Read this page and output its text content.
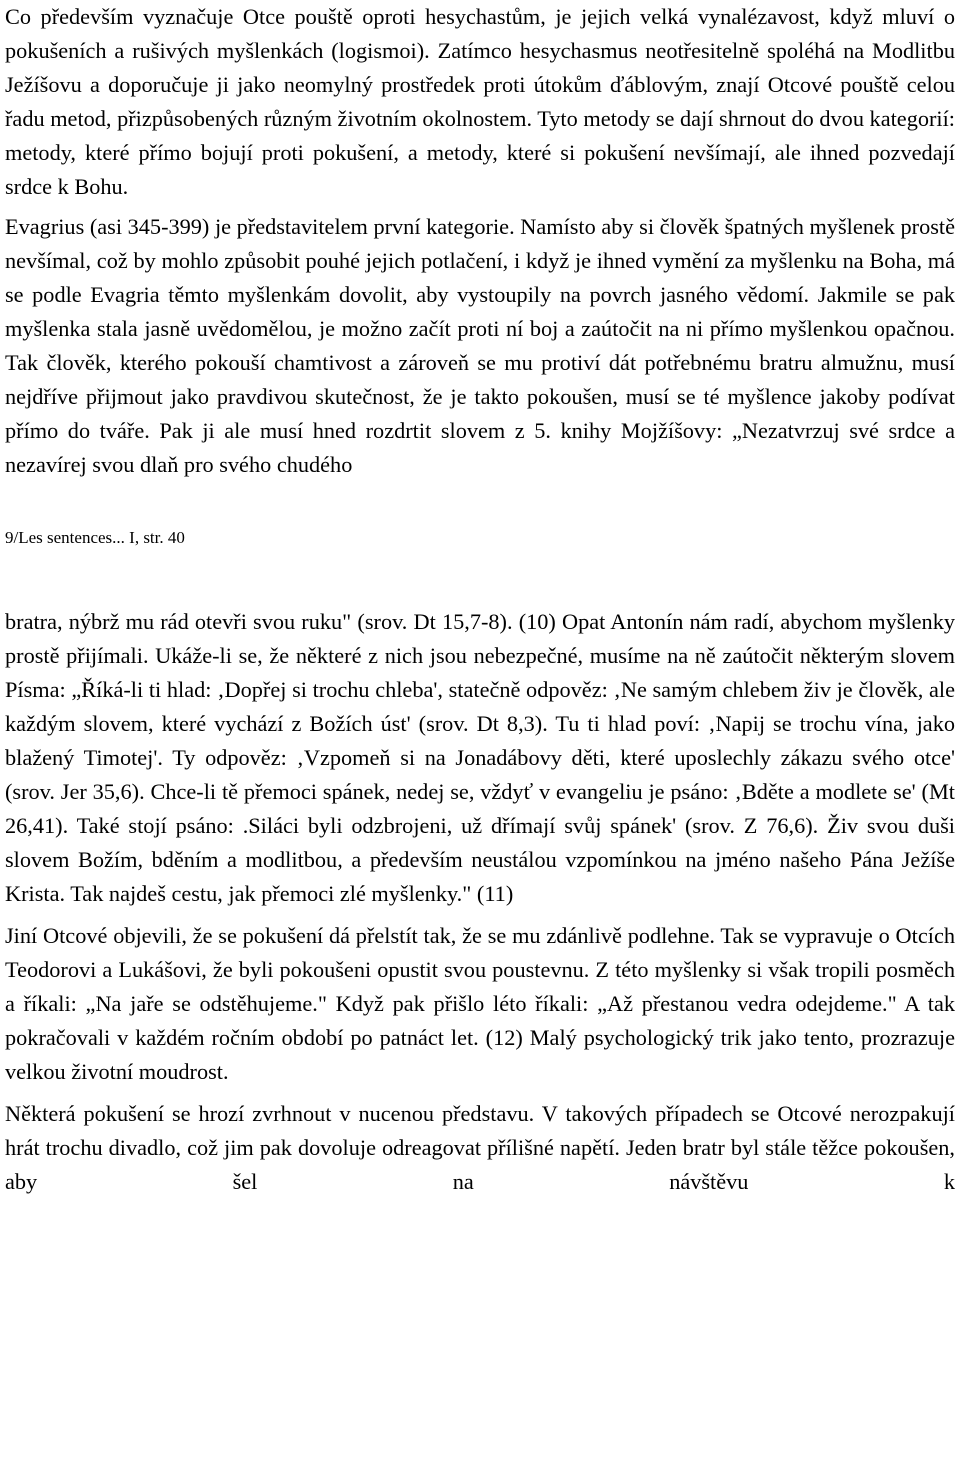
Co především vyznačuje Otce pouště oproti hesychastům, je jejich velká vynalézavost, když mluví o pokušeních a rušivých myšlenkách (logismoi). Zatímco hesychasmus neotřesitelně spoléhá na Modlitbu Ježíšovu a doporučuje ji jako neomylný prostředek proti útokům ďáblovým, znají Otcové pouště celou řadu metod, přizpůsobených různým životním okolnostem. Tyto metody se dají shrnout do dvou kategorií: metody, které přímo bojují proti pokušení, a metody, které si pokušení nevšímají, ale ihned pozvedají srdce k Bohu.

Evagrius (asi 345-399) je představitelem první kategorie. Namísto aby si člověk špatných myšlenek prostě nevšímal, což by mohlo způsobit pouhé jejich potlačení, i když je ihned vymění za myšlenku na Boha, má se podle Evagria těmto myšlenkám dovolit, aby vystoupily na povrch jasného vědomí. Jakmile se pak myšlenka stala jasně uvědomělou, je možno začít proti ní boj a zaútočit na ni přímo myšlenkou opačnou. Tak člověk, kterého pokouší chamtivost a zároveň se mu protiví dát potřebnému bratru almužnu, musí nejdříve přijmout jako pravdivou skutečnost, že je takto pokoušen, musí se té myšlence jakoby podívat přímo do tváře. Pak ji ale musí hned rozdrtit slovem z 5. knihy Mojžíšovy: „Nezatvrzuj své srdce a nezavírej svou dlaň pro svého chudého

9/Les sentences... I, str. 40

bratra, nýbrž mu rád otevři svou ruku" (srov. Dt 15,7-8). (10) Opat Antonín nám radí, abychom myšlenky prostě přijímali. Ukáže-li se, že některé z nich jsou nebezpečné, musíme na ně zaútočit některým slovem Písma: „Říká-li ti hlad: ‚Dopřej si trochu chleba', statečně odpověz: ‚Ne samým chlebem živ je člověk, ale každým slovem, které vychází z Božích úst' (srov. Dt 8,3). Tu ti hlad poví: ‚Napij se trochu vína, jako blažený Timotej'. Ty odpověz: ‚Vzpomeň si na Jonadábovy děti, které uposlechly zákazu svého otce' (srov. Jer 35,6). Chce-li tě přemoci spánek, nedej se, vždyť v evangeliu je psáno: ‚Bděte a modlete se' (Mt 26,41). Také stojí psáno: .Siláci byli odzbrojeni, už dřímají svůj spánek' (srov. Z 76,6). Živ svou duši slovem Božím, bděním a modlitbou, a především neustálou vzpomínkou na jméno našeho Pána Ježíše Krista. Tak najdeš cestu, jak přemoci zlé myšlenky." (11)

Jiní Otcové objevili, že se pokušení dá přelstít tak, že se mu zdánlivě podlehne. Tak se vypravuje o Otcích Teodorovi a Lukášovi, že byli pokoušeni opustit svou poustevnu. Z této myšlenky si však tropili posměch a říkali: „Na jaře se odstěhujeme." Když pak přišlo léto říkali: „Až přestanou vedra odejdeme." A tak pokračovali v každém ročním období po patnáct let. (12) Malý psychologický trik jako tento, prozrazuje velkou životní moudrost.

Některá pokušení se hrozí zvrhnout v nucenou představu. V takových případech se Otcové nerozpakují hrát trochu divadlo, což jim pak dovoluje odreagovat přílišné napětí. Jeden bratr byl stále těžce pokoušen, aby šel na návštěvu k
